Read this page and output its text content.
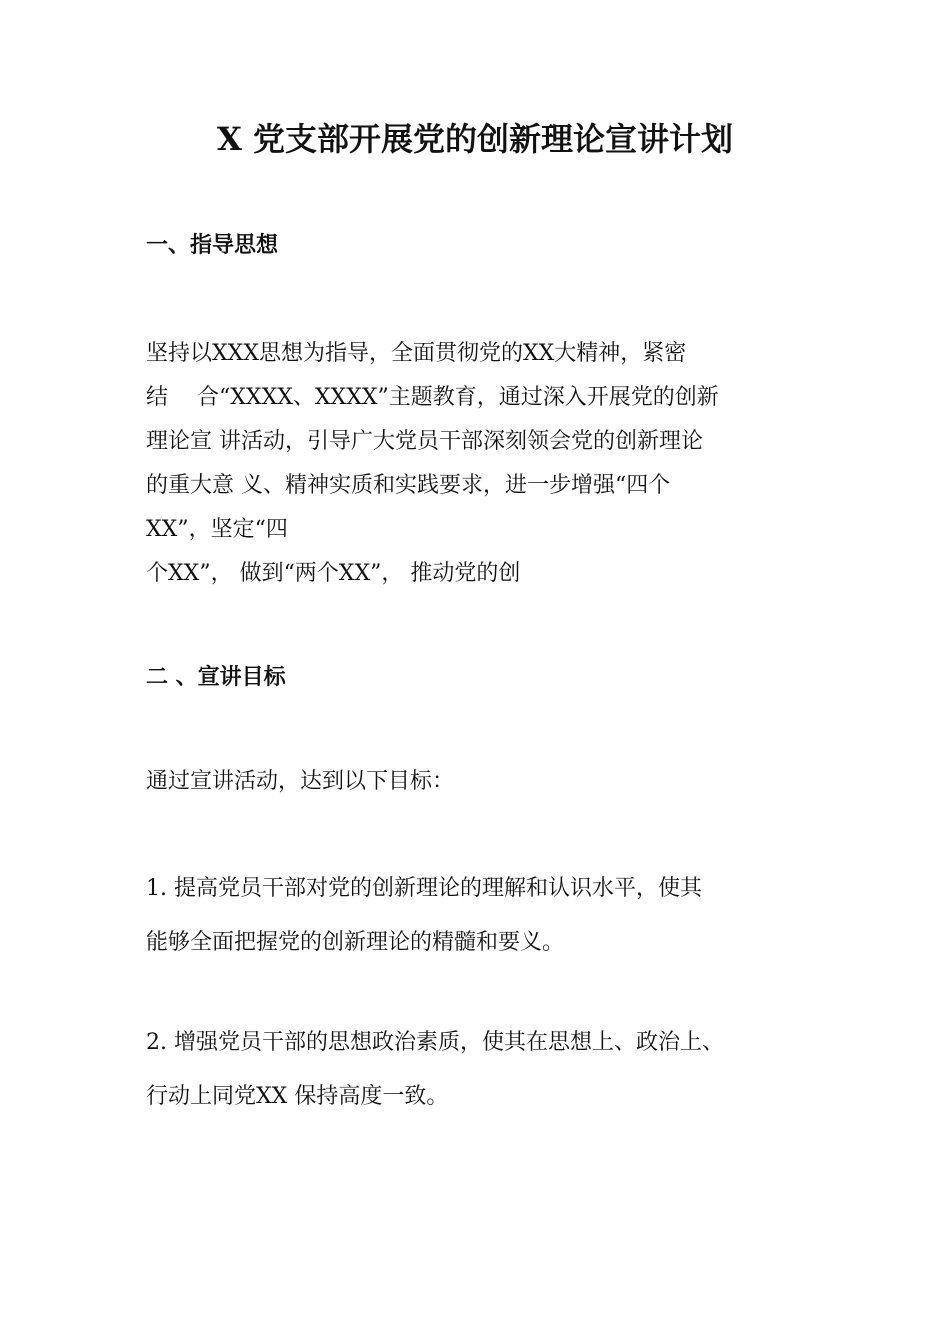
X 党支部开展党的创新理论宣讲计划
一、指导思想
坚持以XXX思想为指导，全面贯彻党的XX大精神，紧密
结　 合“XXXX、XXXX”主题教育，通过深入开展党的创新
理论宣 讲活动，引导广大党员干部深刻领会党的创新理论
的重大意 义、精神实质和实践要求，进一步增强“四个
XX”，坚定“四
个XX”， 做到“两个XX”， 推动党的创
二 、宣讲目标
通过宣讲活动，达到以下目标：
1. 提高党员干部对党的创新理论的理解和认识水平，使其
能够全面把握党的创新理论的精髓和要义。
2. 增强党员干部的思想政治素质，使其在思想上、政治上、
行动上同党XX 保持高度一致。
